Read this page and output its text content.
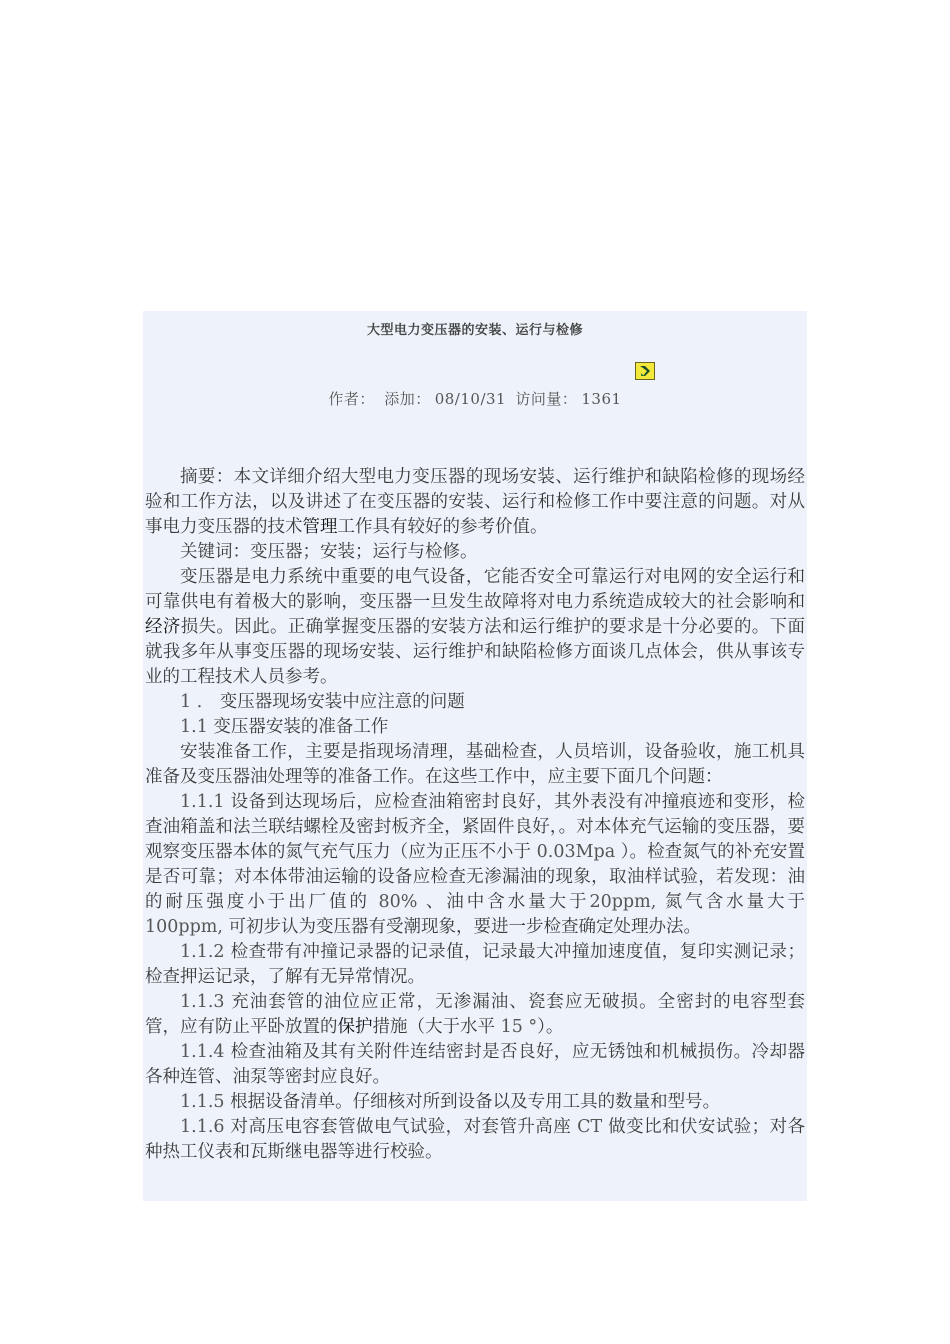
大型电力变压器的安装、运行与检修
作者： 添加： 08/10/31 访问量： 1361

摘要：本文详细介绍大型电力变压器的现场安装、运行维护和缺陷检修的现场经验和工作方法，以及讲述了在变压器的安装、运行和检修工作中要注意的问题。对从事电力变压器的技术管理工作具有较好的参考价值。

关键词：变压器；安装；运行与检修。

变压器是电力系统中重要的电气设备，它能否安全可靠运行对电网的安全运行和可靠供电有着极大的影响，变压器一旦发生故障将对电力系统造成较大的社会影响和经济损失。因此。正确掌握变压器的安装方法和运行维护的要求是十分必要的。下面就我多年从事变压器的现场安装、运行维护和缺陷检修方面谈几点体会，供从事该专业的工程技术人员参考。

1 ． 变压器现场安装中应注意的问题

1.1 变压器安装的准备工作

安装准备工作，主要是指现场清理，基础检查，人员培训，设备验收，施工机具准备及变压器油处理等的准备工作。在这些工作中，应主要下面几个问题：

1.1.1 设备到达现场后，应检查油箱密封良好，其外表没有冲撞痕迹和变形，检查油箱盖和法兰联结螺栓及密封板齐全，紧固件良好，。对本体充气运输的变压器，要观察变压器本体的氮气充气压力（应为正压不小于 0.03Mpa ）。检查氮气的补充安置是否可靠；对本体带油运输的设备应检查无渗漏油的现象，取油样试验，若发现：油的耐压强度小于出厂值的 80% 、油中含水量大于20ppm, 氮气含水量大于 100ppm, 可初步认为变压器有受潮现象，要进一步检查确定处理办法。

1.1.2 检查带有冲撞记录器的记录值，记录最大冲撞加速度值，复印实测记录；检查押运记录，了解有无异常情况。

1.1.3 充油套管的油位应正常，无渗漏油、瓷套应无破损。全密封的电容型套管，应有防止平卧放置的保护措施（大于水平 15 °）。

1.1.4 检查油箱及其有关附件连结密封是否良好，应无锈蚀和机械损伤。冷却器各种连管、油泵等密封应良好。

1.1.5 根据设备清单。仔细核对所到设备以及专用工具的数量和型号。

1.1.6 对高压电容套管做电气试验，对套管升高座 CT 做变比和伏安试验；对各种热工仪表和瓦斯继电器等进行校验。
